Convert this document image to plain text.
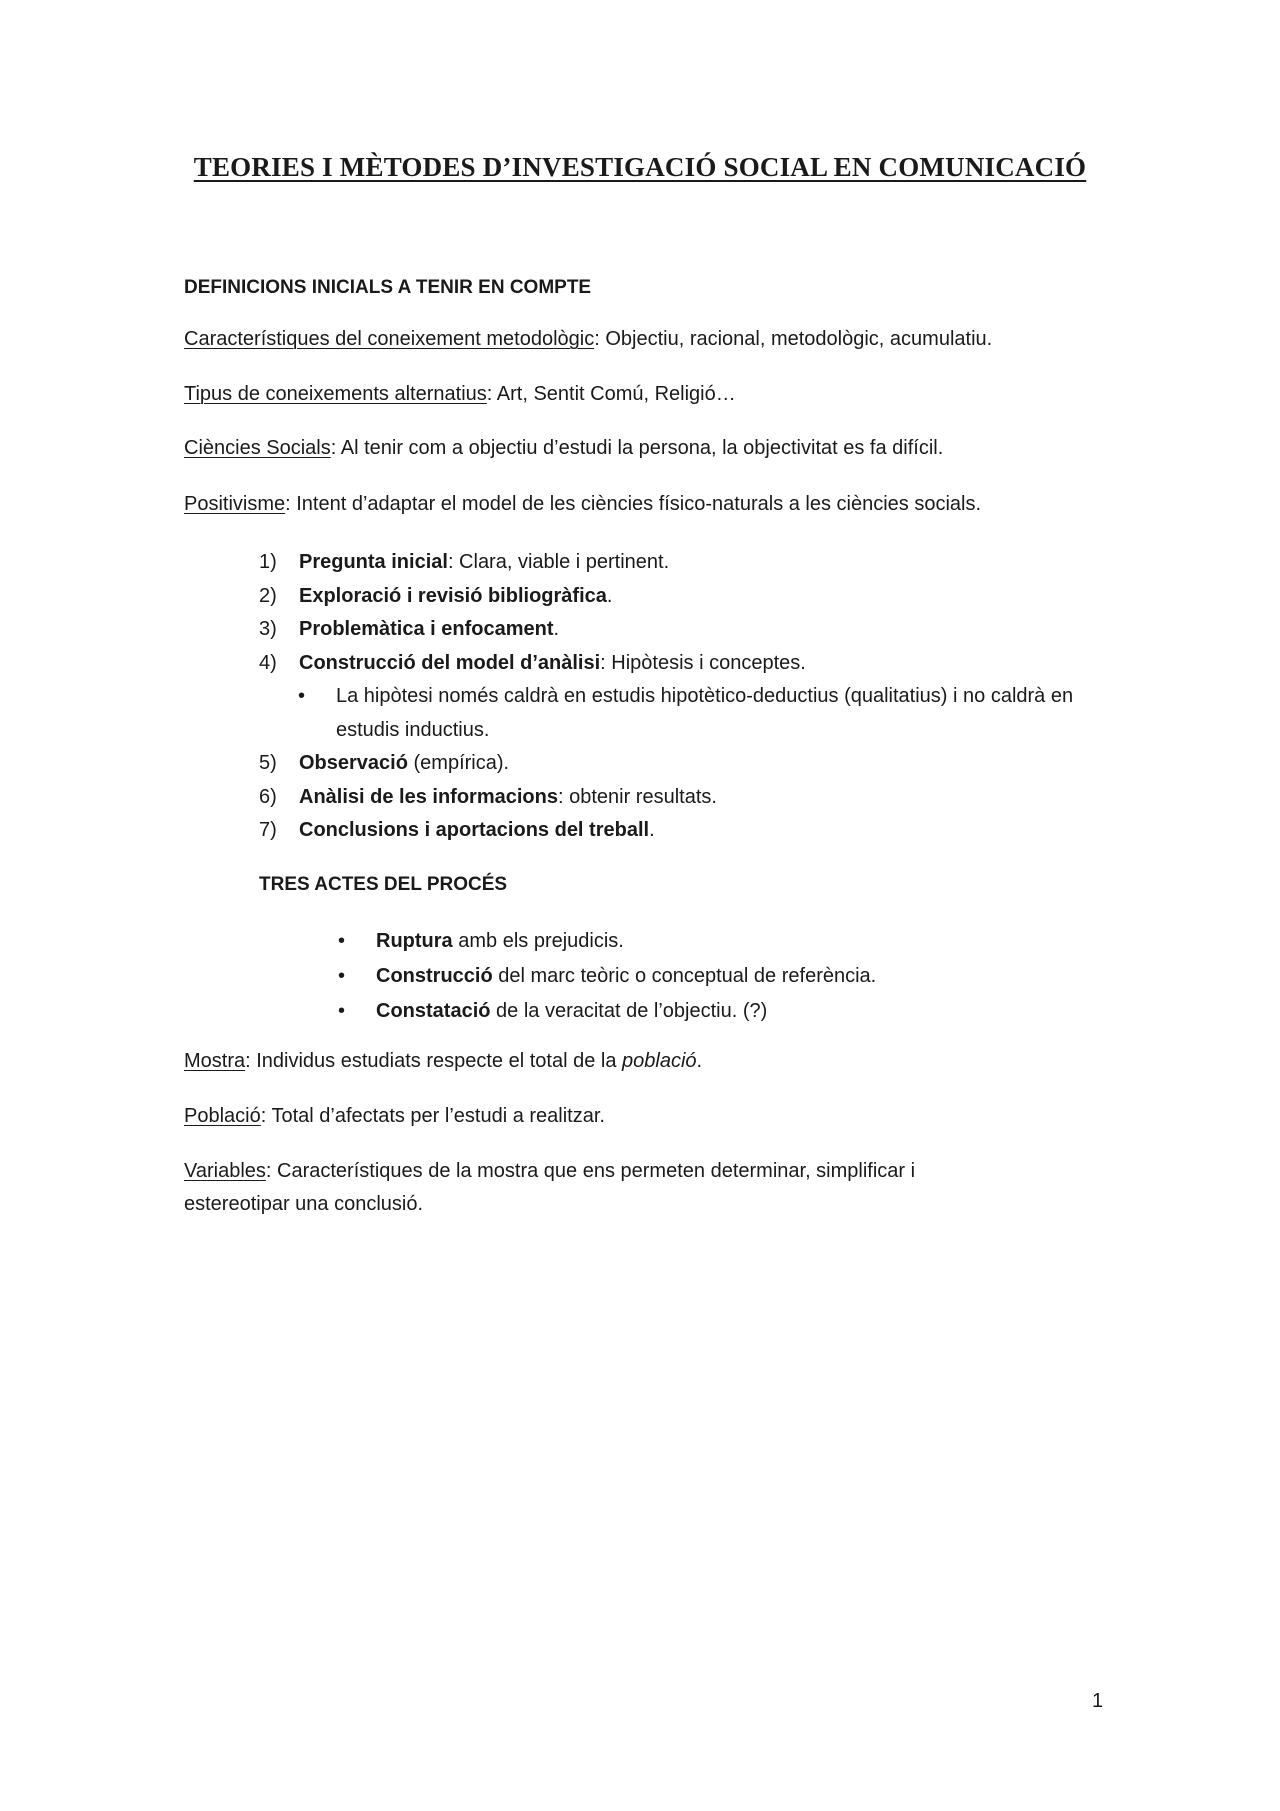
TEORIES I MÈTODES D’INVESTIGACIÓ SOCIAL EN COMUNICACIÓ
DEFINICIONS INICIALS A TENIR EN COMPTE
Característiques del coneixement metodològic: Objectiu, racional, metodològic, acumulatiu.
Tipus de coneixements alternatius: Art, Sentit Comú, Religió…
Ciències Socials: Al tenir com a objectiu d’estudi la persona, la objectivitat es fa difícil.
Positivisme: Intent d’adaptar el model de les ciències físico-naturals a les ciències socials.
1) Pregunta inicial: Clara, viable i pertinent.
2) Exploració i revisió bibliogràfica.
3) Problemàtica i enfocament.
4) Construcció del model d’anàlisi: Hipòtesis i conceptes.
• La hipòtesi només caldrà en estudis hipotètico-deductius (qualitatius) i no caldrà en estudis inductius.
5) Observació (empírica).
6) Anàlisi de les informacions: obtenir resultats.
7) Conclusions i aportacions del treball.
TRES ACTES DEL PROCÉS
• Ruptura amb els prejudicis.
• Construcció del marc teòric o conceptual de referència.
• Constatació de la veracitat de l’objectiu. (?)
Mostra: Individus estudiats respecte el total de la població.
Població: Total d’afectats per l’estudi a realitzar.
Variables: Característiques de la mostra que ens permeten determinar, simplificar i estereotipar una conclusió.
1
